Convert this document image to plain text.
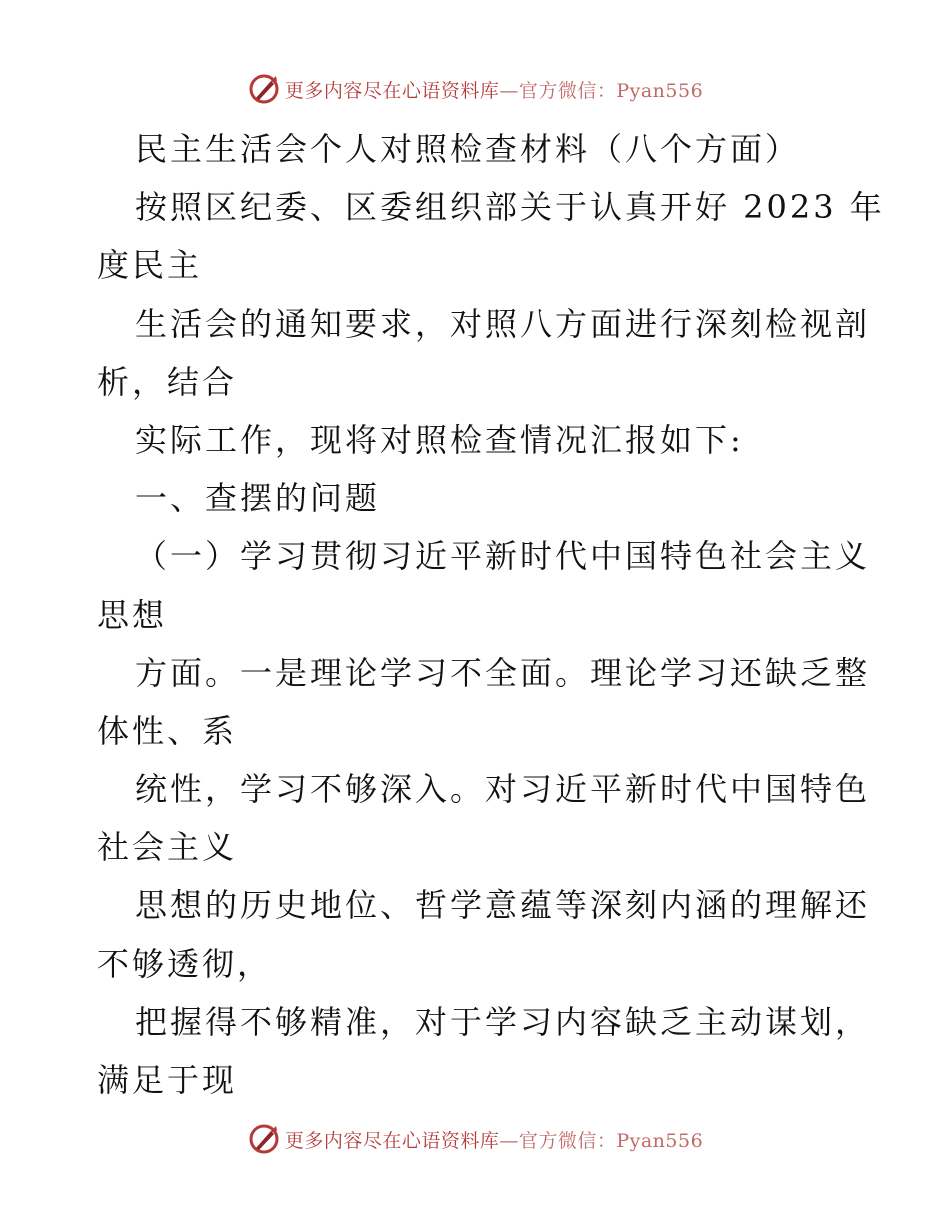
更多内容尽在心语资料库 —官方微信：Pyan556
民主生活会个人对照检查材料（八个方面）
按照区纪委、区委组织部关于认真开好 2023 年
度民主
生活会的通知要求，对照八方面进行深刻检视剖
析，结合
实际工作，现将对照检查情况汇报如下:
一、查摆的问题
（一）学习贯彻习近平新时代中国特色社会主义
思想
方面。一是理论学习不全面。理论学习还缺乏整
体性、系
统性，学习不够深入。对习近平新时代中国特色
社会主义
思想的历史地位、哲学意蕴等深刻内涵的理解还
不够透彻，
把握得不够精准，对于学习内容缺乏主动谋划，
满足于现
更多内容尽在心语资料库 —官方微信：Pyan556
